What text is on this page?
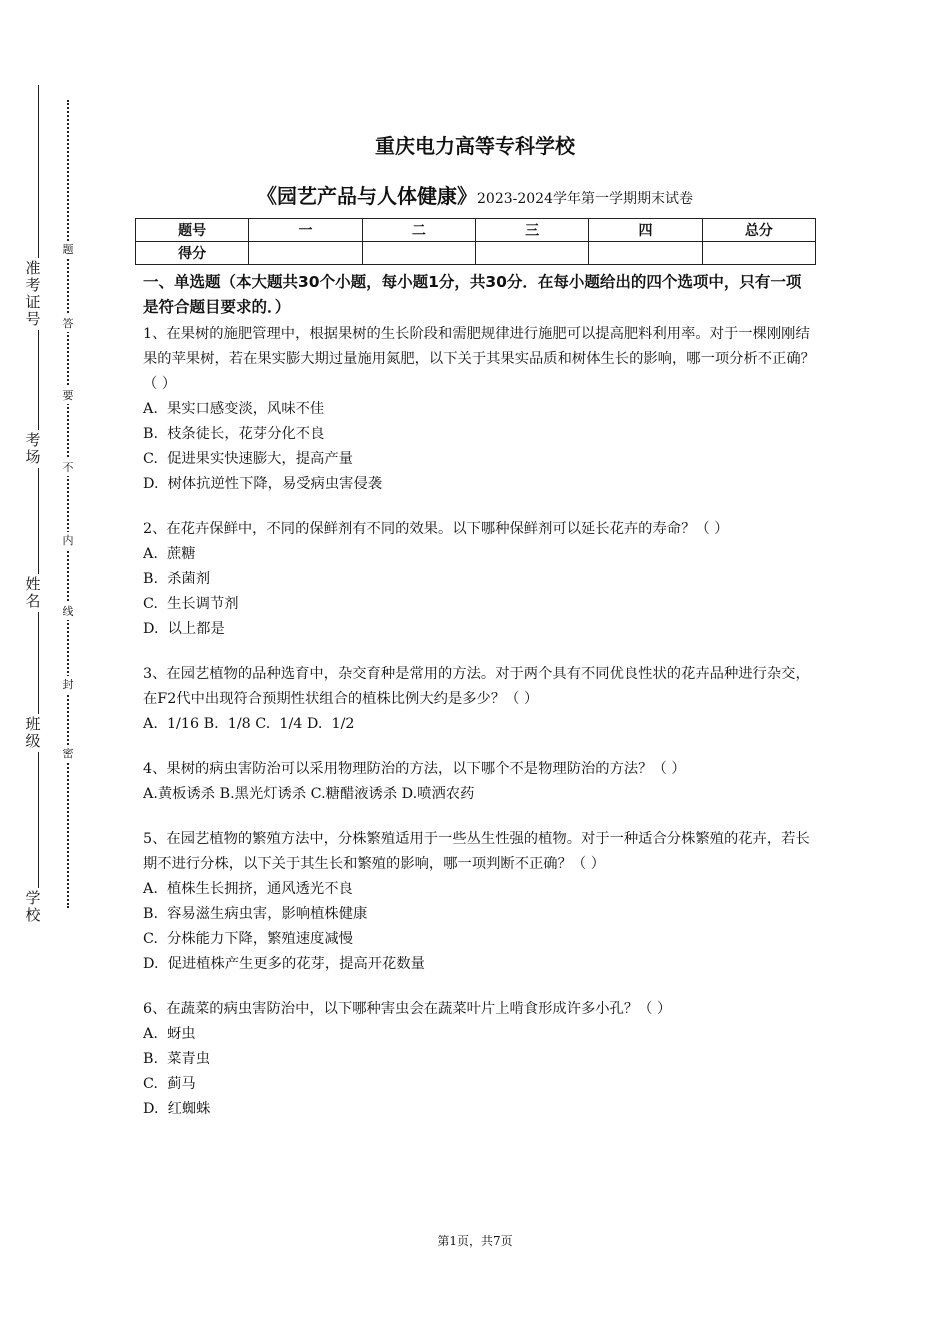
准考证号
考场
姓名
班级
学校
题
答
要
不
内
线
封
密
重庆电力高等专科学校
《园艺产品与人体健康》2023-2024学年第一学期期末试卷
题号	一	二	三	四	总分
得分					

一、单选题（本大题共30个小题，每小题1分，共30分．在每小题给出的四个选项中，只有一项是符合题目要求的．）

1、在果树的施肥管理中，根据果树的生长阶段和需肥规律进行施肥可以提高肥料利用率。对于一棵刚刚结果的苹果树，若在果实膨大期过量施用氮肥，以下关于其果实品质和树体生长的影响，哪一项分析不正确？（ ）

A.  果实口感变淡，风味不佳

B.  枝条徒长，花芽分化不良

C.  促进果实快速膨大，提高产量

D.  树体抗逆性下降，易受病虫害侵袭

2、在花卉保鲜中，不同的保鲜剂有不同的效果。以下哪种保鲜剂可以延长花卉的寿命？（ ）

A.  蔗糖

B.  杀菌剂

C.  生长调节剂

D.  以上都是

3、在园艺植物的品种选育中，杂交育种是常用的方法。对于两个具有不同优良性状的花卉品种进行杂交，在F2代中出现符合预期性状组合的植株比例大约是多少？（ ）

A.  1/16 B.  1/8 C.  1/4 D.  1/2

4、果树的病虫害防治可以采用物理防治的方法，以下哪个不是物理防治的方法？（ ）

A.黄板诱杀 B.黑光灯诱杀 C.糖醋液诱杀 D.喷洒农药

5、在园艺植物的繁殖方法中，分株繁殖适用于一些丛生性强的植物。对于一种适合分株繁殖的花卉，若长期不进行分株，以下关于其生长和繁殖的影响，哪一项判断不正确？（ ）

A.  植株生长拥挤，通风透光不良

B.  容易滋生病虫害，影响植株健康

C.  分株能力下降，繁殖速度减慢

D.  促进植株产生更多的花芽，提高开花数量

6、在蔬菜的病虫害防治中，以下哪种害虫会在蔬菜叶片上啃食形成许多小孔？（ ）

A.  蚜虫

B.  菜青虫

C.  蓟马

D.  红蜘蛛

第1页，共7页
